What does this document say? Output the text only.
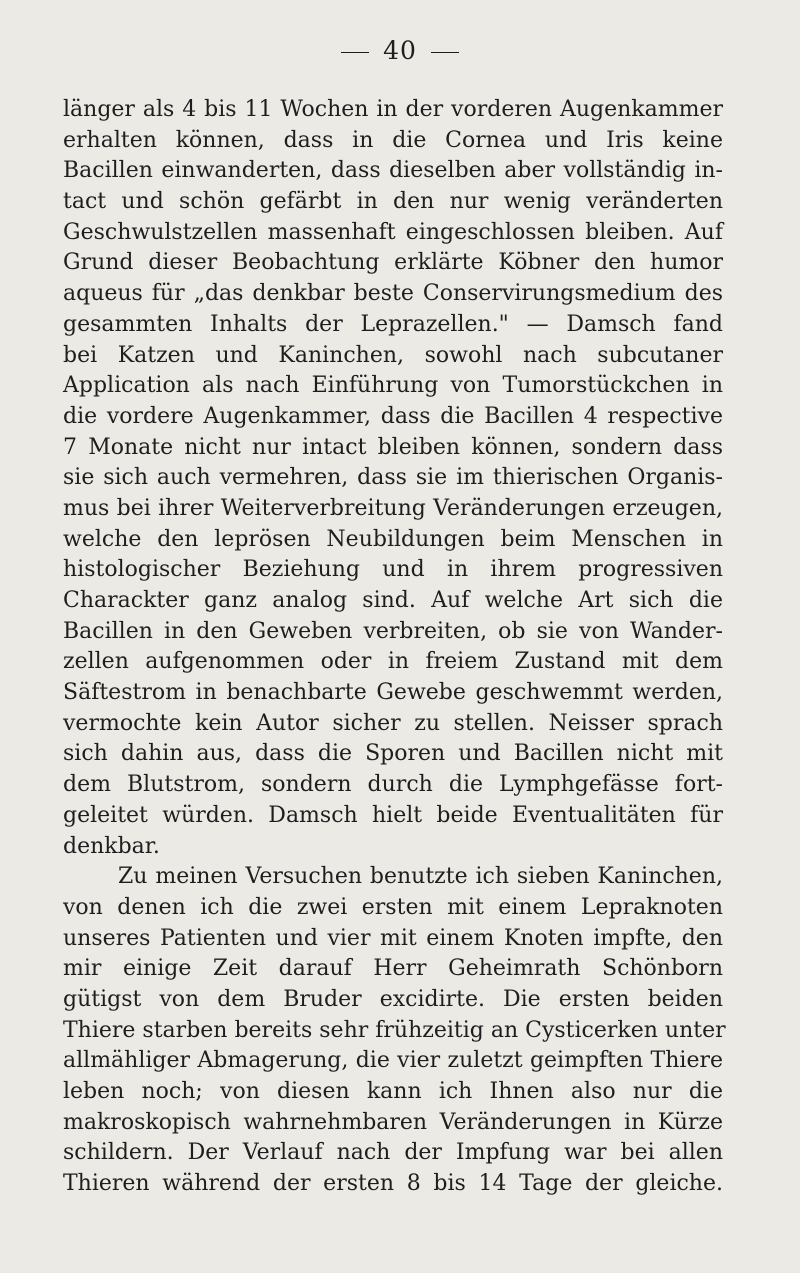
40
länger als 4 bis 11 Wochen in der vorderen Augenkammer
erhalten können, dass in die Cornea und Iris keine
Bacillen einwanderten, dass dieselben aber vollständig in-
tact und schön gefärbt in den nur wenig veränderten
Geschwulstzellen massenhaft eingeschlossen bleiben. Auf
Grund dieser Beobachtung erklärte Köbner den humor
aqueus für „das denkbar beste Conservirungsmedium des
gesammten Inhalts der Leprazellen." — Damsch fand
bei Katzen und Kaninchen, sowohl nach subcutaner
Application als nach Einführung von Tumorstückchen in
die vordere Augenkammer, dass die Bacillen 4 respective
7 Monate nicht nur intact bleiben können, sondern dass
sie sich auch vermehren, dass sie im thierischen Organis-
mus bei ihrer Weiterverbreitung Veränderungen erzeugen,
welche den leprösen Neubildungen beim Menschen in
histologischer Beziehung und in ihrem progressiven
Charackter ganz analog sind. Auf welche Art sich die
Bacillen in den Geweben verbreiten, ob sie von Wander-
zellen aufgenommen oder in freiem Zustand mit dem
Säftestrom in benachbarte Gewebe geschwemmt werden,
vermochte kein Autor sicher zu stellen. Neisser sprach
sich dahin aus, dass die Sporen und Bacillen nicht mit
dem Blutstrom, sondern durch die Lymphgefässe fort-
geleitet würden. Damsch hielt beide Eventualitäten für
denkbar.
Zu meinen Versuchen benutzte ich sieben Kaninchen,
von denen ich die zwei ersten mit einem Lepraknoten
unseres Patienten und vier mit einem Knoten impfte, den
mir einige Zeit darauf Herr Geheimrath Schönborn
gütigst von dem Bruder excidirte. Die ersten beiden
Thiere starben bereits sehr frühzeitig an Cysticerken unter
allmähliger Abmagerung, die vier zuletzt geimpften Thiere
leben noch; von diesen kann ich Ihnen also nur die
makroskopisch wahrnehmbaren Veränderungen in Kürze
schildern. Der Verlauf nach der Impfung war bei allen
Thieren während der ersten 8 bis 14 Tage der gleiche.
